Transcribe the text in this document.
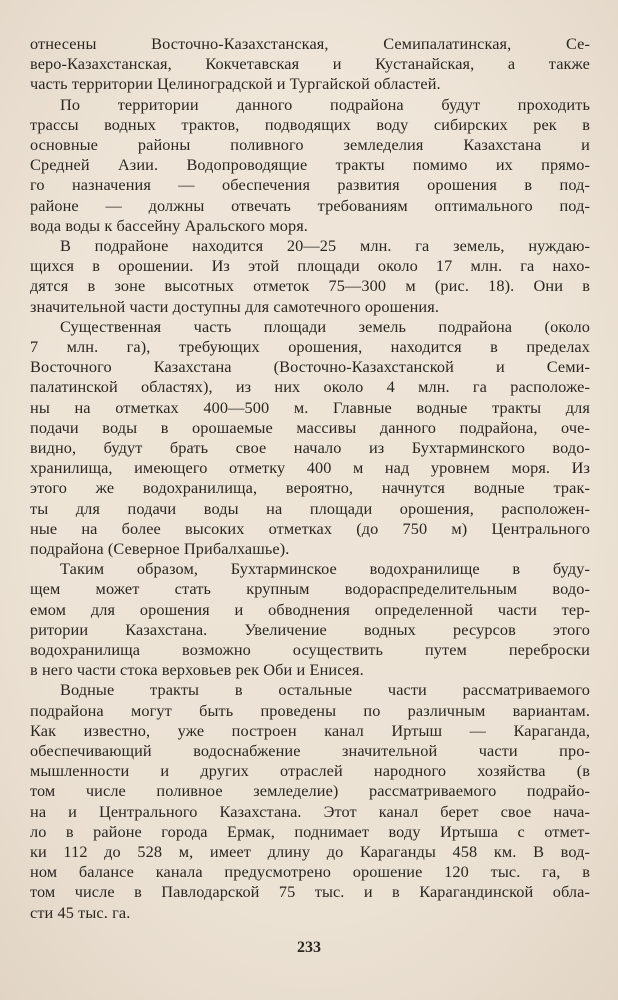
отнесены Восточно-Казахстанская, Семипалатинская, Се-
веро-Казахстанская, Кокчетавская и Кустанайская, а также
часть территории Целиноградской и Тургайской областей.
По территории данного подрайона будут проходить
трассы водных трактов, подводящих воду сибирских рек в
основные районы поливного земледелия Казахстана и
Средней Азии. Водопроводящие тракты помимо их прямо-
го назначения — обеспечения развития орошения в под-
районе — должны отвечать требованиям оптимального под-
вода воды к бассейну Аральского моря.
В подрайоне находится 20—25 млн. га земель, нуждаю-
щихся в орошении. Из этой площади около 17 млн. га нахо-
дятся в зоне высотных отметок 75—300 м (рис. 18). Они в
значительной части доступны для самотечного орошения.
Существенная часть площади земель подрайона (около
7 млн. га), требующих орошения, находится в пределах
Восточного Казахстана (Восточно-Казахстанской и Семи-
палатинской областях), из них около 4 млн. га расположе-
ны на отметках 400—500 м. Главные водные тракты для
подачи воды в орошаемые массивы данного подрайона, оче-
видно, будут брать свое начало из Бухтарминского водо-
хранилища, имеющего отметку 400 м над уровнем моря. Из
этого же водохранилища, вероятно, начнутся водные трак-
ты для подачи воды на площади орошения, расположен-
ные на более высоких отметках (до 750 м) Центрального
подрайона (Северное Прибалхашье).
Таким образом, Бухтарминское водохранилище в буду-
щем может стать крупным водораспределительным водо-
емом для орошения и обводнения определенной части тер-
ритории Казахстана. Увеличение водных ресурсов этого
водохранилища возможно осуществить путем переброски
в него части стока верховьев рек Оби и Енисея.
Водные тракты в остальные части рассматриваемого
подрайона могут быть проведены по различным вариантам.
Как известно, уже построен канал Иртыш — Караганда,
обеспечивающий водоснабжение значительной части про-
мышленности и других отраслей народного хозяйства (в
том числе поливное земледелие) рассматриваемого подрайо-
на и Центрального Казахстана. Этот канал берет свое нача-
ло в районе города Ермак, поднимает воду Иртыша с отмет-
ки 112 до 528 м, имеет длину до Караганды 458 км. В вод-
ном балансе канала предусмотрено орошение 120 тыс. га, в
том числе в Павлодарской 75 тыс. и в Карагандинской обла-
сти 45 тыс. га.
233
